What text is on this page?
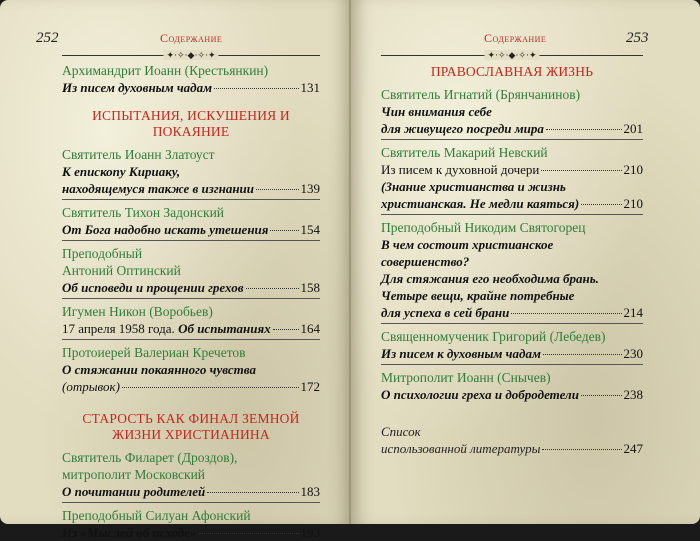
252	Содержание
✦·✧·◆·✧·✦
Архимандрит Иоанн (Крестьянкин)
Из писем духовным чадам	131
ИСПЫТАНИЯ, ИСКУШЕНИЯ И ПОКАЯНИЕ
Святитель Иоанн Златоуст
К епископу Кириаку,
находящемуся также в изгнании	139
Святитель Тихон Задонский
От Бога надобно искать утешения 154
Преподобный
Антоний Оптинский
Об исповеди и прощении грехов	158
Игумен Никон (Воробьев)
17 апреля 1958 года.
Об испытаниях 164
Протоиерей Валериан Кречетов
О стяжании покаянного чувства
(отрывок)	172
СТАРОСТЬ КАК ФИНАЛ ЗЕМНОЙ ЖИЗНИ ХРИСТИАНИНА
Святитель Филарет (Дроздов),
митрополит Московский
О почитании родителей	183
Преподобный Силуан Афонский
Из «Мыслей об исходе»	193
Содержание	253
✦·✧·◆·✧·✦
ПРАВОСЛАВНАЯ ЖИЗНЬ
Святитель Игнатий (Брянчанинов)
Чин внимания себе
для живущего посреди мира	201
Святитель Макарий Невский
Из писем к духовной дочери	210
(Знание христианства и жизнь
христианская. Не медли каяться)	210
Преподобный Никодим Святогорец
В чем состоит христианское совершенство?
Для стяжания его необходима брань.
Четыре вещи, крайне потребные
для успеха в сей брани	214
Священномученик Григорий (Лебедев)
Из писем к духовным чадам	230
Митрополит Иоанн (Снычев)
О психологии греха и добродетели	238
Список
использованной литературы	247
